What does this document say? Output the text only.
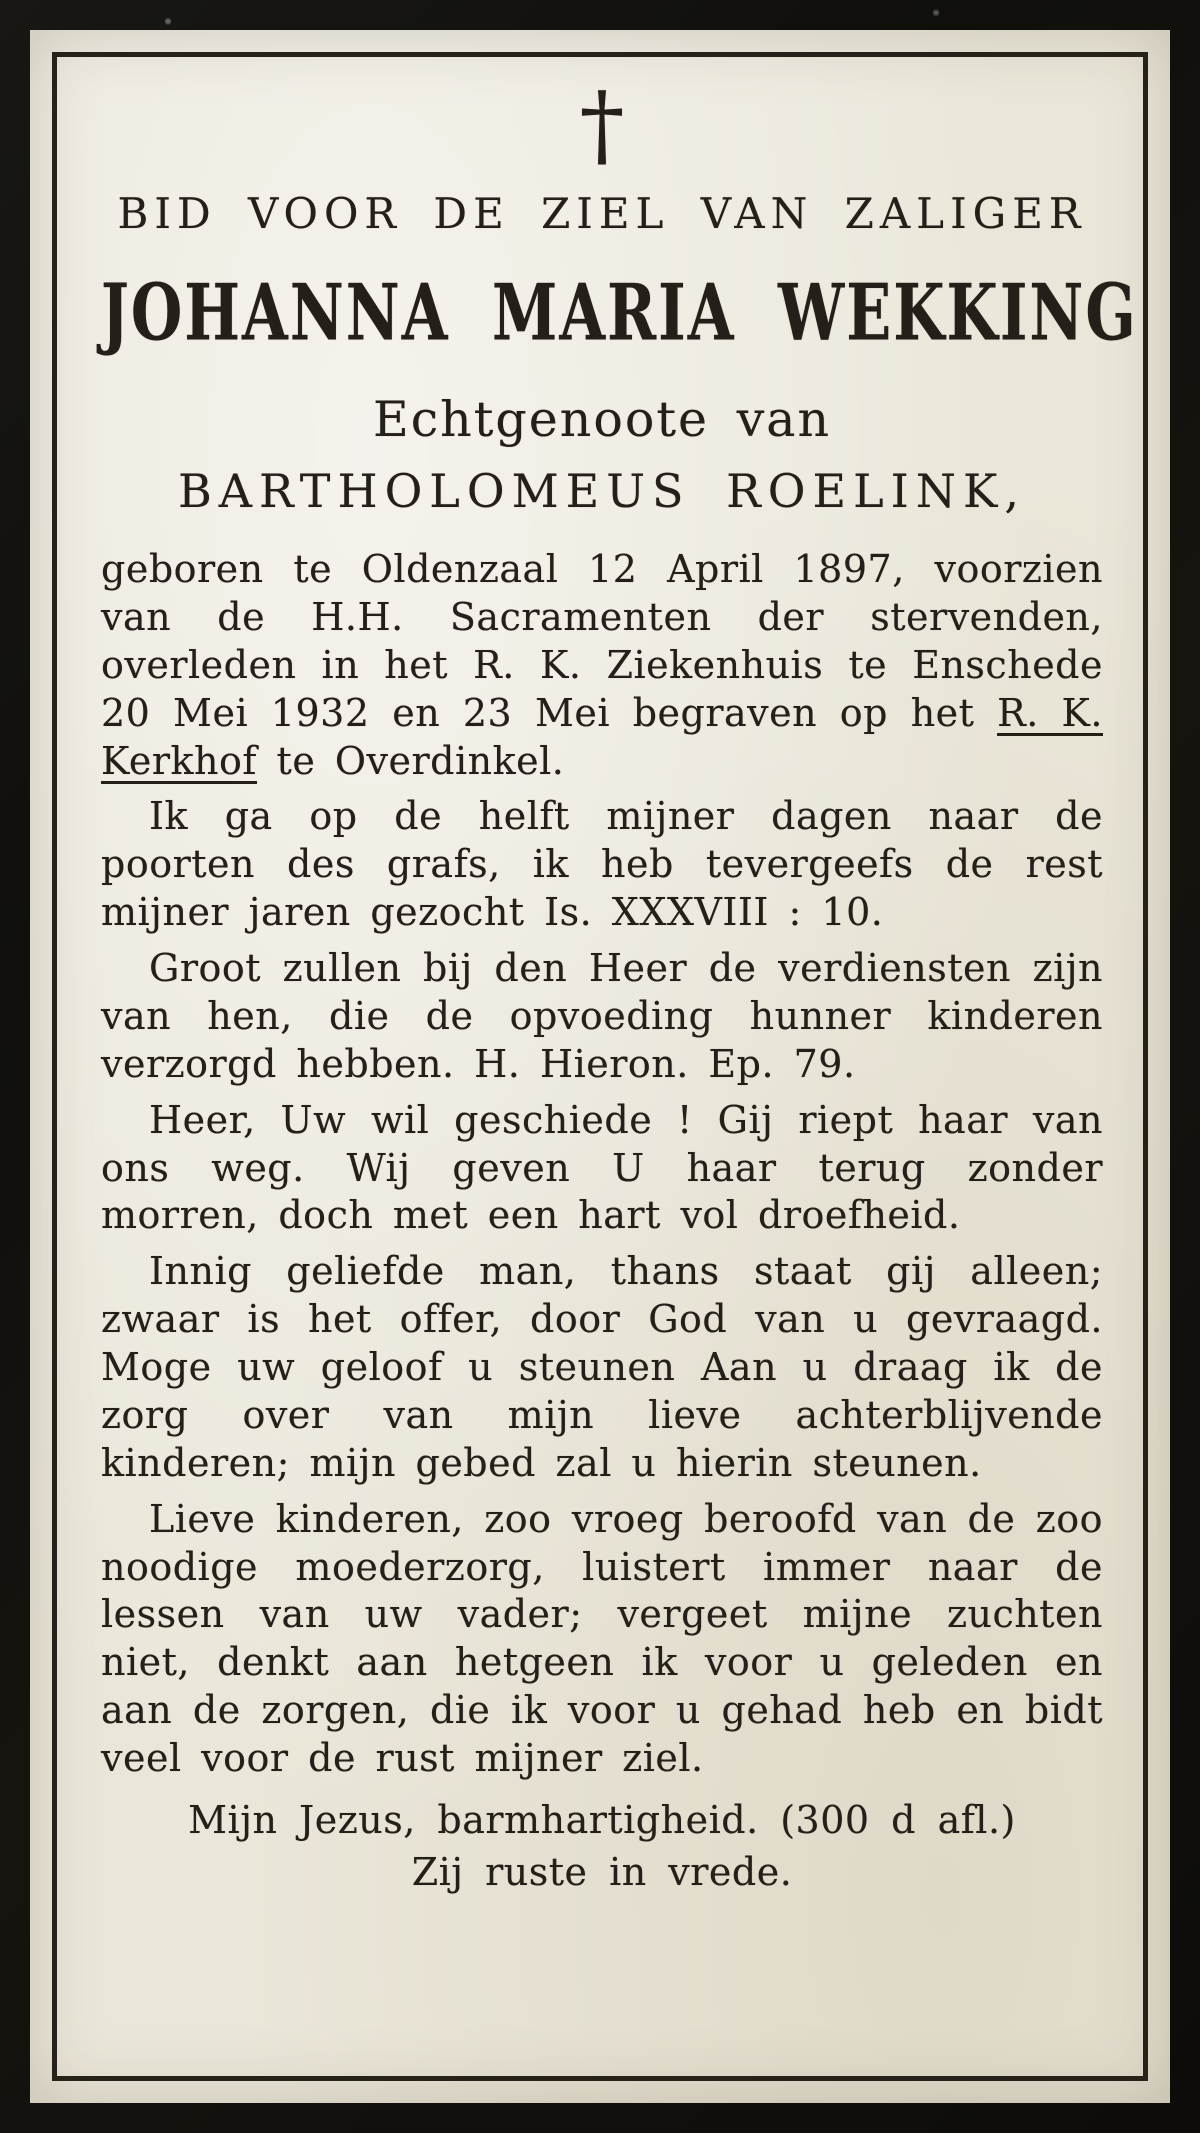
†
BID VOOR DE ZIEL VAN ZALIGER
JOHANNA MARIA WEKKING
Echtgenoote van
BARTHOLOMEUS ROELINK,

geboren te Oldenzaal 12 April 1897, voorzien van de H.H. Sacramenten der stervenden, overleden in het R. K. Ziekenhuis te Enschede 20 Mei 1932 en 23 Mei begraven op het R. K. Kerkhof te Overdinkel.

Ik ga op de helft mijner dagen naar de poorten des grafs, ik heb tevergeefs de rest mijner jaren gezocht Is. XXXVIII : 10.

Groot zullen bij den Heer de verdiensten zijn van hen, die de opvoeding hunner kinderen verzorgd hebben. H. Hieron. Ep. 79.

Heer, Uw wil geschiede ! Gij riept haar van ons weg. Wij geven U haar terug zonder morren, doch met een hart vol droefheid.

Innig geliefde man, thans staat gij alleen; zwaar is het offer, door God van u gevraagd. Moge uw geloof u steunen Aan u draag ik de zorg over van mijn lieve achterblijvende kinderen; mijn gebed zal u hierin steunen.

Lieve kinderen, zoo vroeg beroofd van de zoo noodige moederzorg, luistert immer naar de lessen van uw vader; vergeet mijne zuchten niet, denkt aan hetgeen ik voor u geleden en aan de zorgen, die ik voor u gehad heb en bidt veel voor de rust mijner ziel.

Mijn Jezus, barmhartigheid. (300 d afl.)

Zij ruste in vrede.
